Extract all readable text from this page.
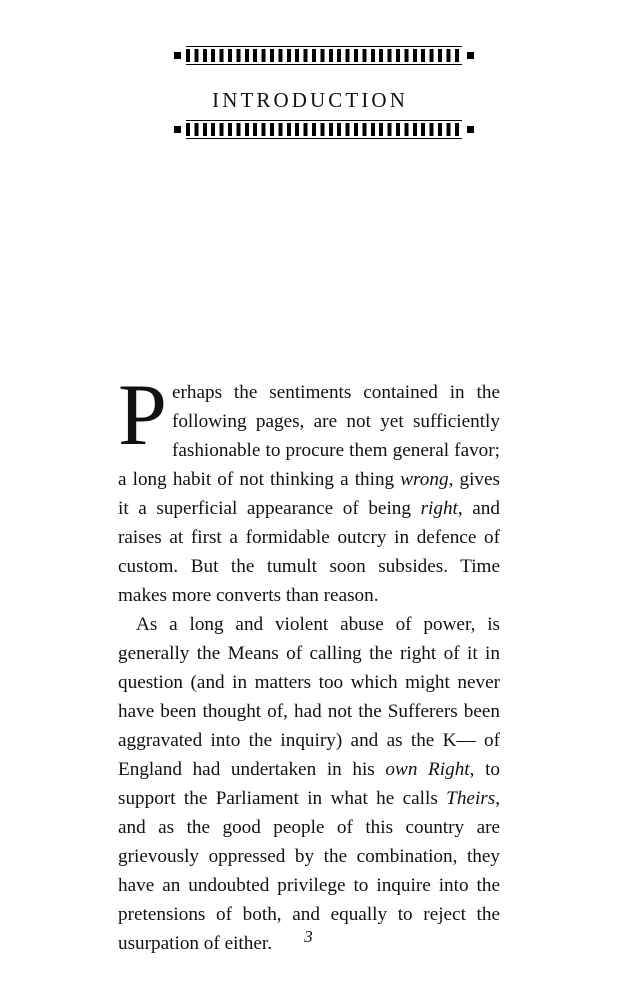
INTRODUCTION

Perhaps the sentiments contained in the following pages, are not yet sufficiently fashionable to procure them general favor; a long habit of not thinking a thing wrong, gives it a superficial appearance of being right, and raises at first a formidable outcry in defence of custom. But the tumult soon subsides. Time makes more converts than reason.

As a long and violent abuse of power, is generally the Means of calling the right of it in question (and in matters too which might never have been thought of, had not the Sufferers been aggravated into the inquiry) and as the K— of England had undertaken in his own Right, to support the Parliament in what he calls Theirs, and as the good people of this country are grievously oppressed by the combination, they have an undoubted privilege to inquire into the pretensions of both, and equally to reject the usurpation of either.	3
